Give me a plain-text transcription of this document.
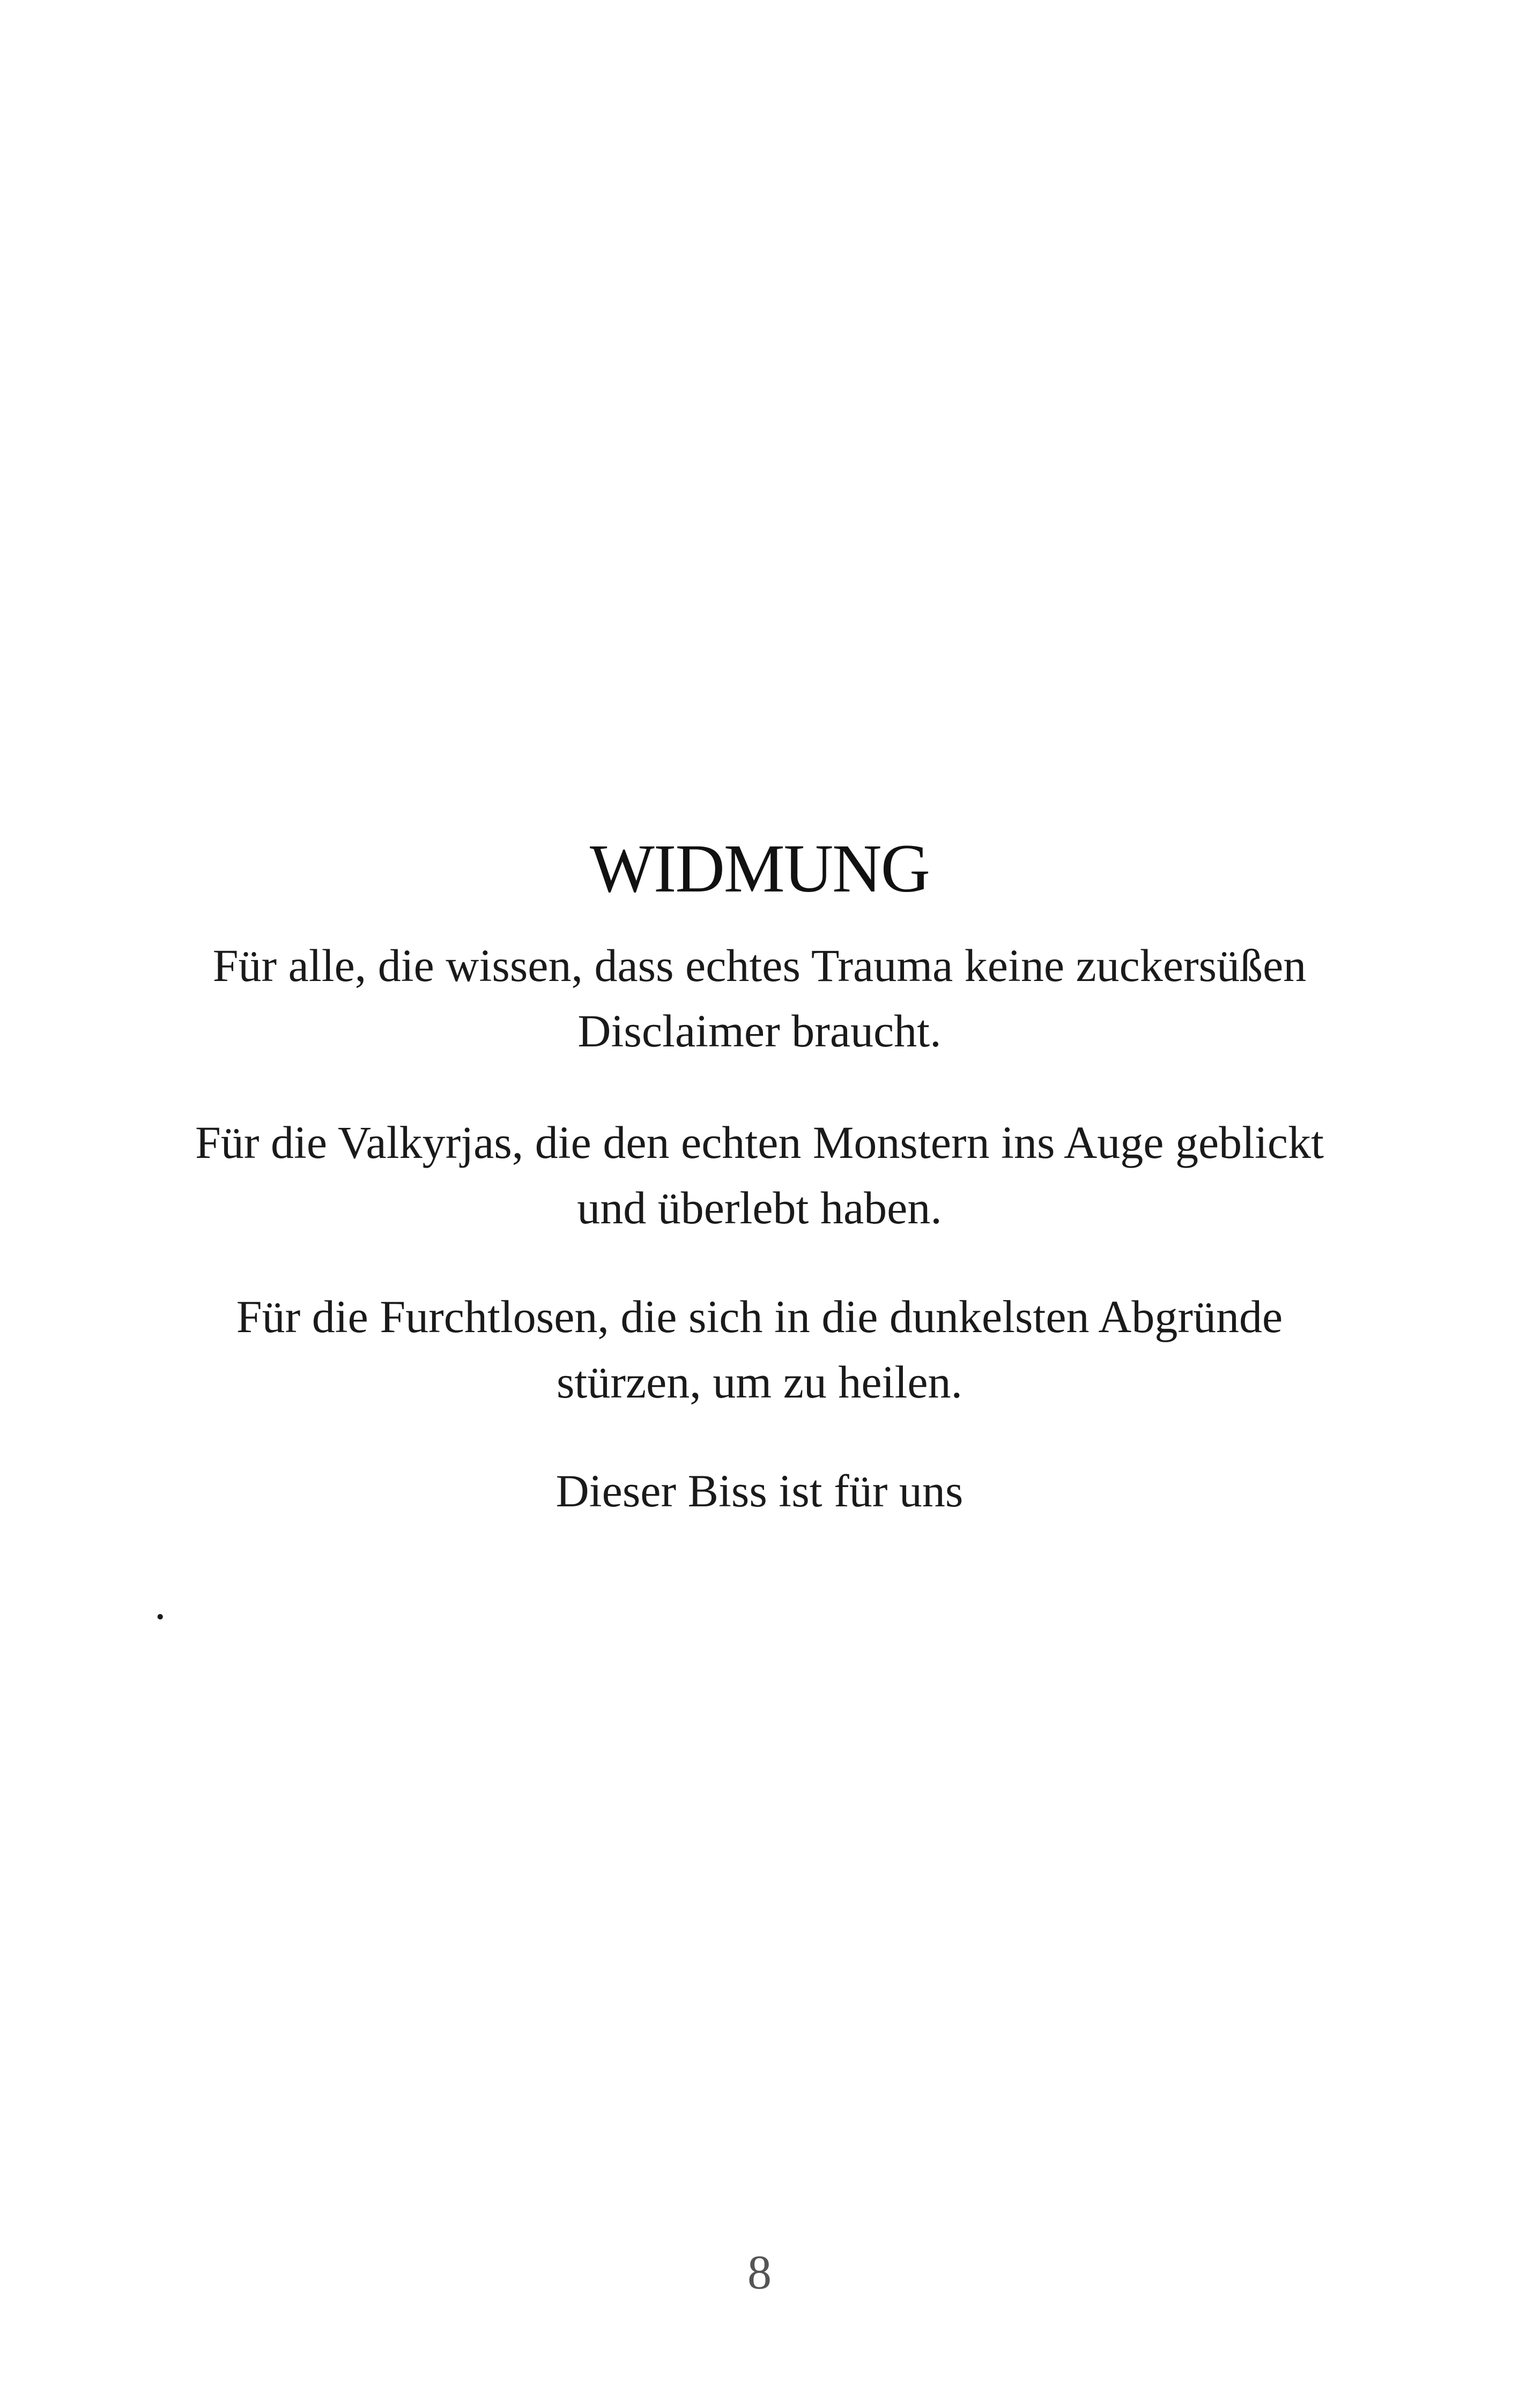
WIDMUNG

Für alle, die wissen, dass echtes Trauma keine zuckersüßen
Disclaimer braucht.

Für die Valkyrjas, die den echten Monstern ins Auge geblickt
und überlebt haben.

Für die Furchtlosen, die sich in die dunkelsten Abgründe
stürzen, um zu heilen.

Dieser Biss ist für uns

.

8
